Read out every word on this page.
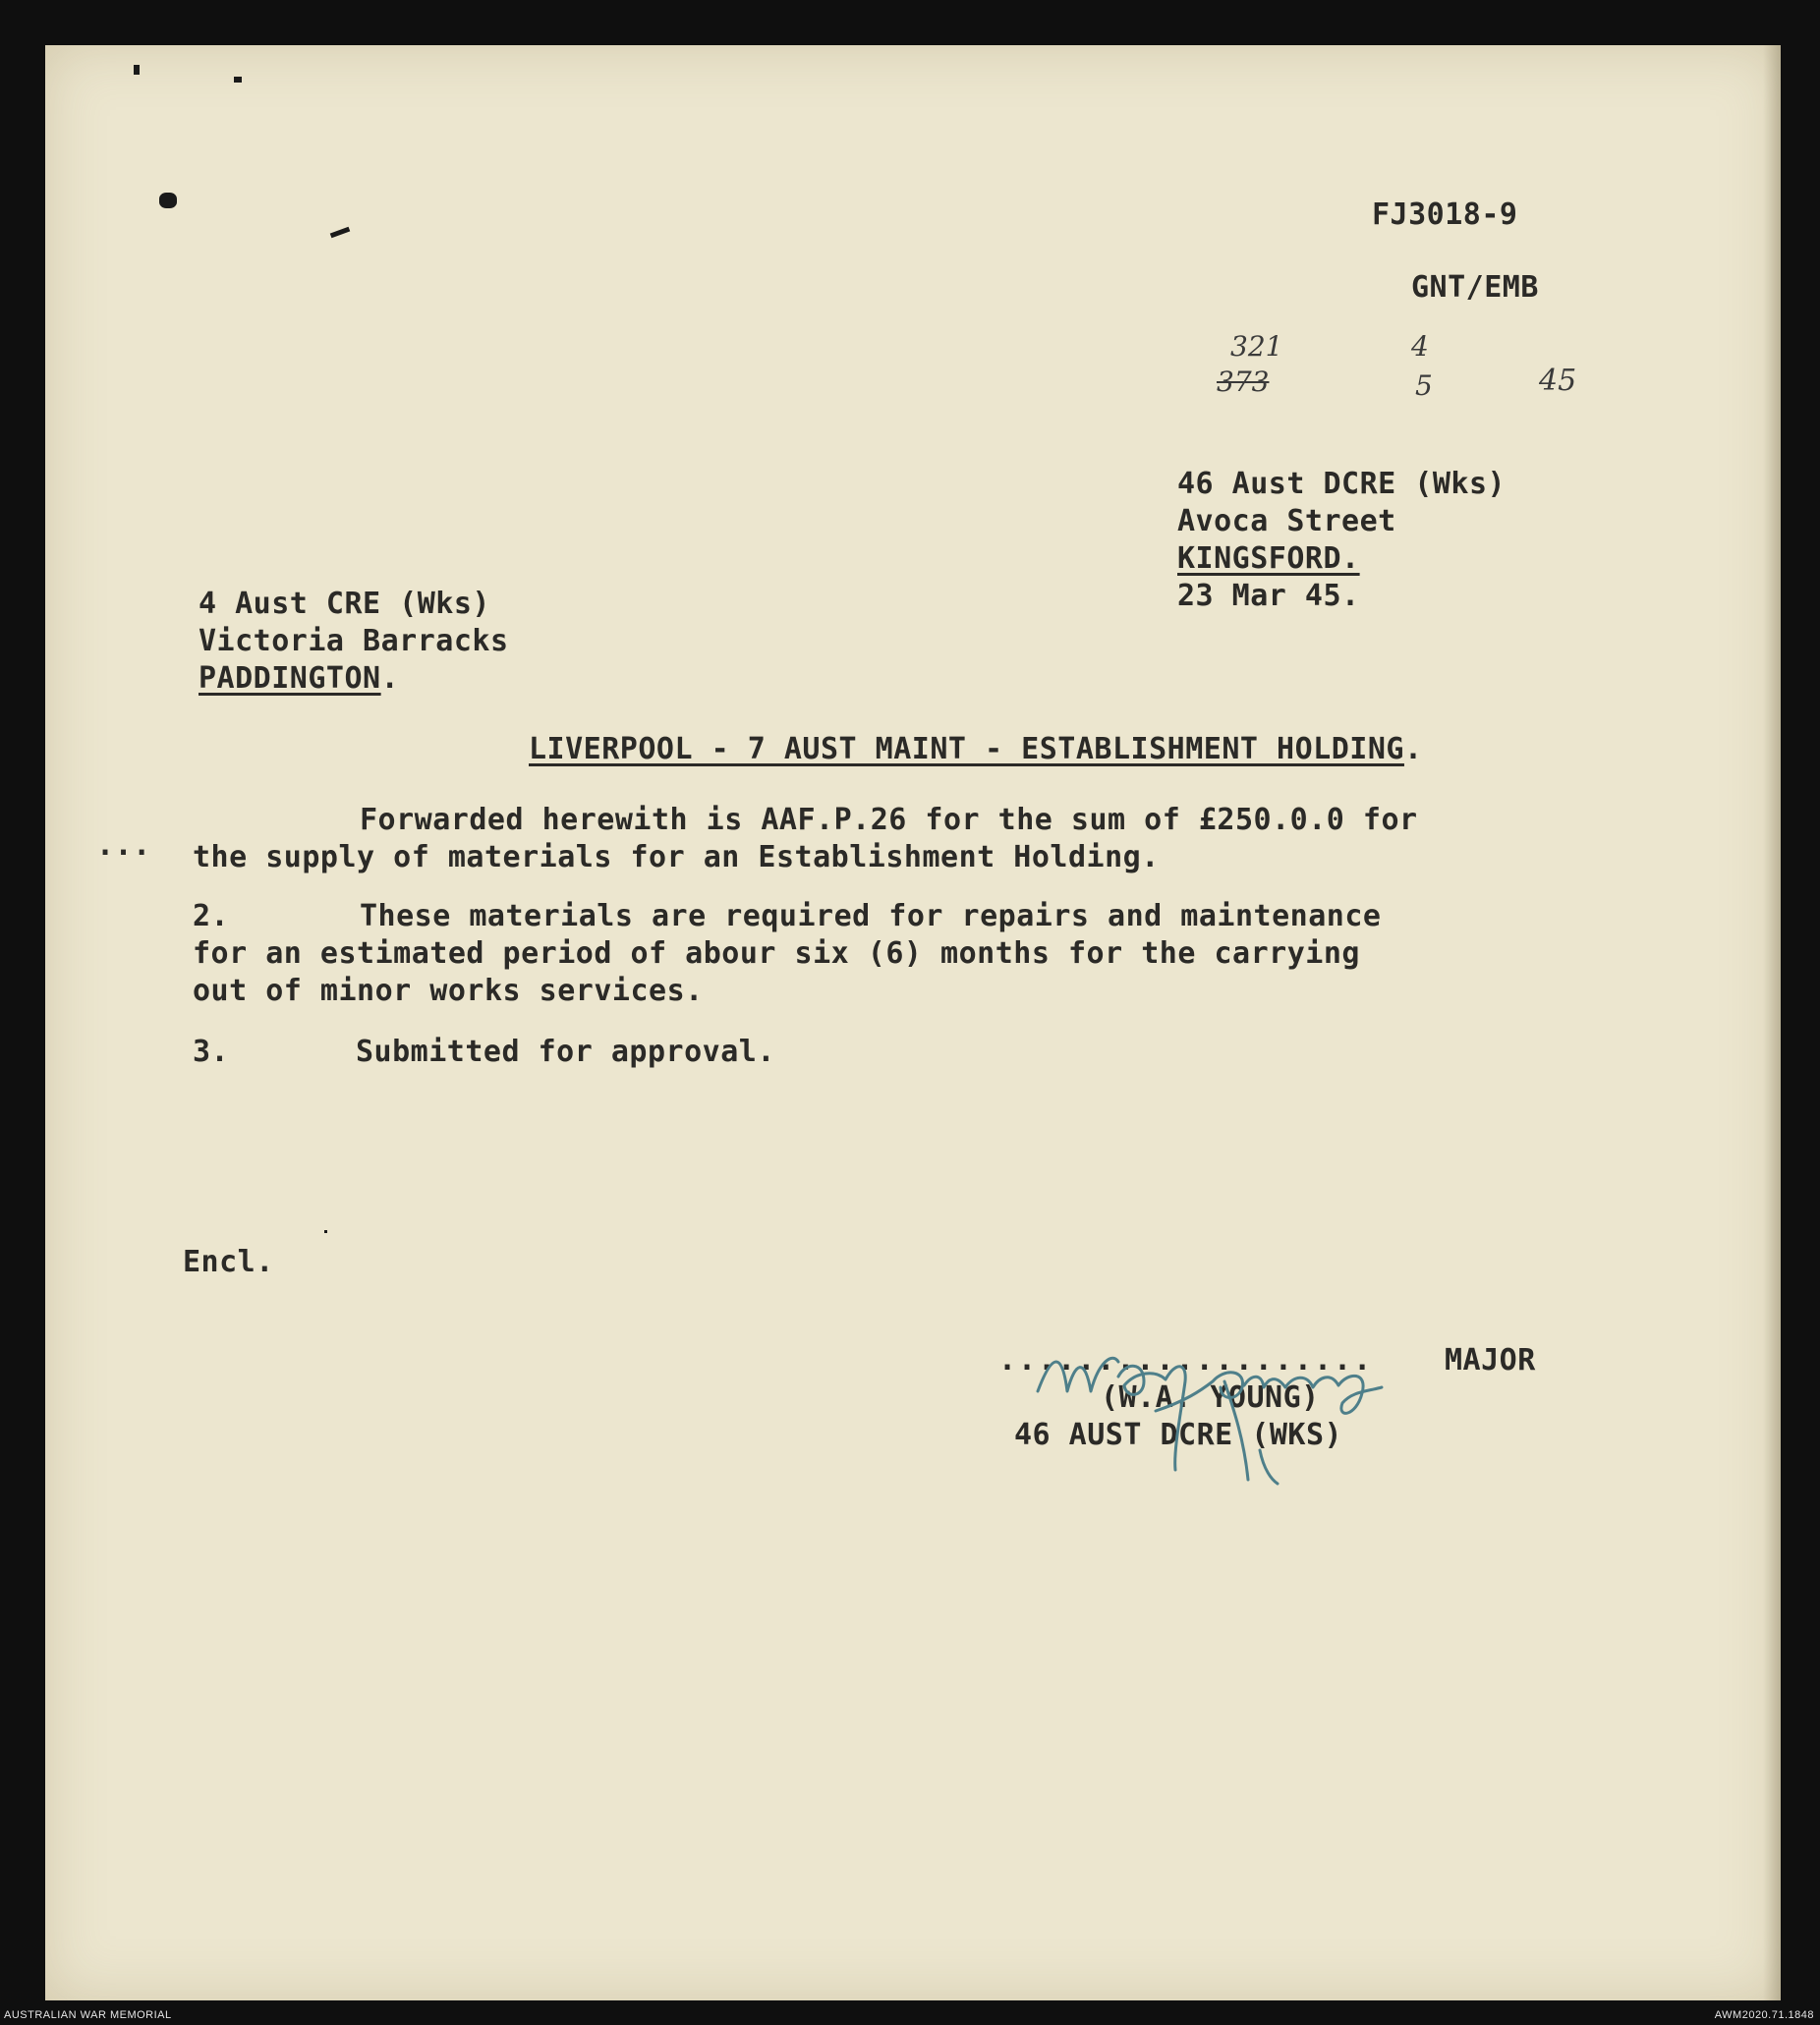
FJ3018-9
GNT/EMB
321
373
4
5	45
46 Aust DCRE (Wks)
Avoca Street
KINGSFORD.
23 Mar 45.
4 Aust CRE (Wks)
Victoria Barracks
PADDINGTON.
LIVERPOOL - 7 AUST MAINT - ESTABLISHMENT HOLDING.
...
Forwarded herewith is AAF.P.26 for the sum of £250.0.0 for
the supply of materials for an Establishment Holding.
2.	These materials are required for repairs and maintenance
for an estimated period of abour six (6) months for the carrying
out of minor works services.
3.	Submitted for approval.
Encl.
................... MAJOR
(W.A. YOUNG)
46 AUST DCRE (WKS)
AUSTRALIAN WAR MEMORIAL	AWM2020.71.1848
